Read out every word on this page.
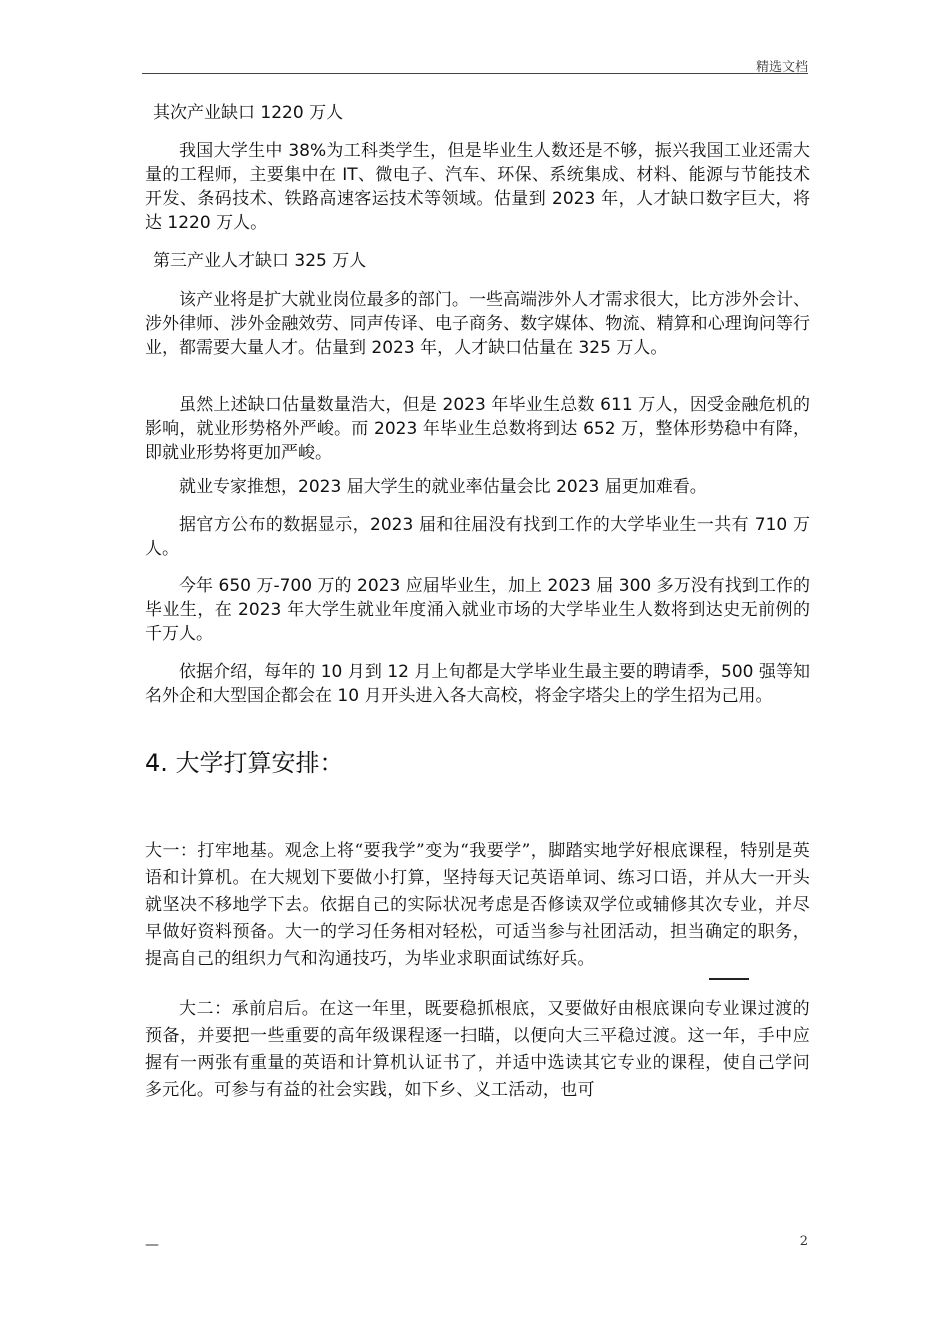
精选文档

其次产业缺口 1220 万人

我国大学生中 38%为工科类学生，但是毕业生人数还是不够，振兴我国工业还需大量的工程师，主要集中在 IT、微电子、汽车、环保、系统集成、材料、能源与节能技术开发、条码技术、铁路高速客运技术等领域。估量到 2023 年，人才缺口数字巨大，将达 1220 万人。

第三产业人才缺口 325 万人

该产业将是扩大就业岗位最多的部门。一些高端涉外人才需求很大，比方涉外会计、涉外律师、涉外金融效劳、同声传译、电子商务、数字媒体、物流、精算和心理询问等行业，都需要大量人才。估量到 2023 年，人才缺口估量在 325 万人。

虽然上述缺口估量数量浩大，但是 2023 年毕业生总数 611 万人，因受金融危机的影响，就业形势格外严峻。而 2023 年毕业生总数将到达 652 万，整体形势稳中有降，即就业形势将更加严峻。

就业专家推想，2023 届大学生的就业率估量会比 2023 届更加难看。

据官方公布的数据显示，2023 届和往届没有找到工作的大学毕业生一共有 710 万人。

今年 650 万-700 万的 2023 应届毕业生，加上 2023 届 300 多万没有找到工作的毕业生，在 2023 年大学生就业年度涌入就业市场的大学毕业生人数将到达史无前例的千万人。

依据介绍，每年的 10 月到 12 月上旬都是大学毕业生最主要的聘请季，500 强等知名外企和大型国企都会在 10 月开头进入各大高校，将金字塔尖上的学生招为己用。

4. 大学打算安排：

大一：打牢地基。观念上将“要我学”变为“我要学”，脚踏实地学好根底课程，特别是英语和计算机。在大规划下要做小打算，坚持每天记英语单词、练习口语，并从大一开头就坚决不移地学下去。依据自己的实际状况考虑是否修读双学位或辅修其次专业，并尽早做好资料预备。大一的学习任务相对轻松，可适当参与社团活动，担当确定的职务，提高自己的组织力气和沟通技巧，为毕业求职面试练好兵。

大二：承前启后。在这一年里，既要稳抓根底，又要做好由根底课向专业课过渡的预备，并要把一些重要的高年级课程逐一扫瞄，以便向大三平稳过渡。这一年，手中应握有一两张有重量的英语和计算机认证书了，并适中选读其它专业的课程，使自己学问多元化。可参与有益的社会实践，如下乡、义工活动，也可

—	2
